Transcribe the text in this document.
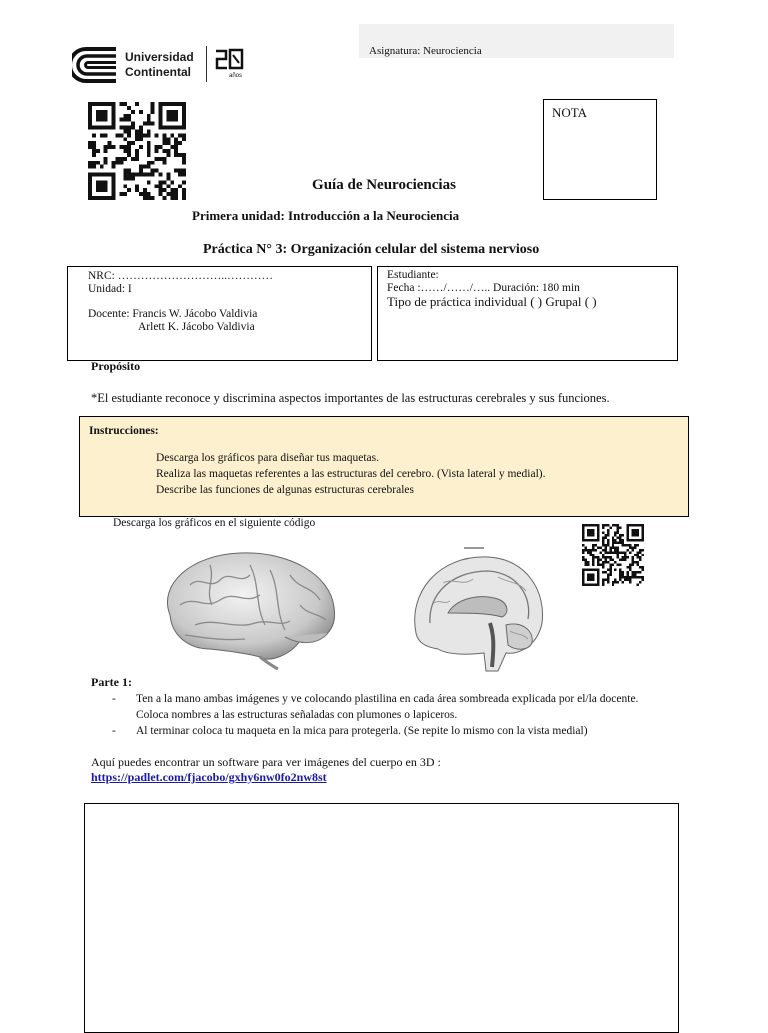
Asignatura: Neurociencia
Universidad
Continental	años
NOTA
Guía de Neurociencias
Primera unidad: Introducción a la Neurociencia
Práctica N° 3: Organización celular del sistema nervioso
NRC: ………………………..…………
Unidad: I
Docente: Francis W. Jácobo Valdivia
Arlett K. Jácobo Valdivia
Estudiante:
Fecha :……/……/….. Duración: 180 min
Tipo de práctica individual ( ) Grupal ( )
Propósito
*El estudiante reconoce y discrimina aspectos importantes de las estructuras cerebrales y sus funciones.
Instrucciones:
Descarga los gráficos para diseñar tus maquetas.
Realiza las maquetas referentes a las estructuras del cerebro. (Vista lateral y medial).
Describe las funciones de algunas estructuras cerebrales
Descarga los gráficos en el siguiente código
Parte 1:
- Ten a la mano ambas imágenes y ve colocando plastilina en cada área sombreada explicada por el/la docente. Coloca nombres a las estructuras señaladas con plumones o lapiceros.
- Al terminar coloca tu maqueta en la mica para protegerla. (Se repite lo mismo con la vista medial)
Aquí puedes encontrar un software para ver imágenes del cuerpo en 3D :
https://padlet.com/fjacobo/gxhy6nw0fo2nw8st
